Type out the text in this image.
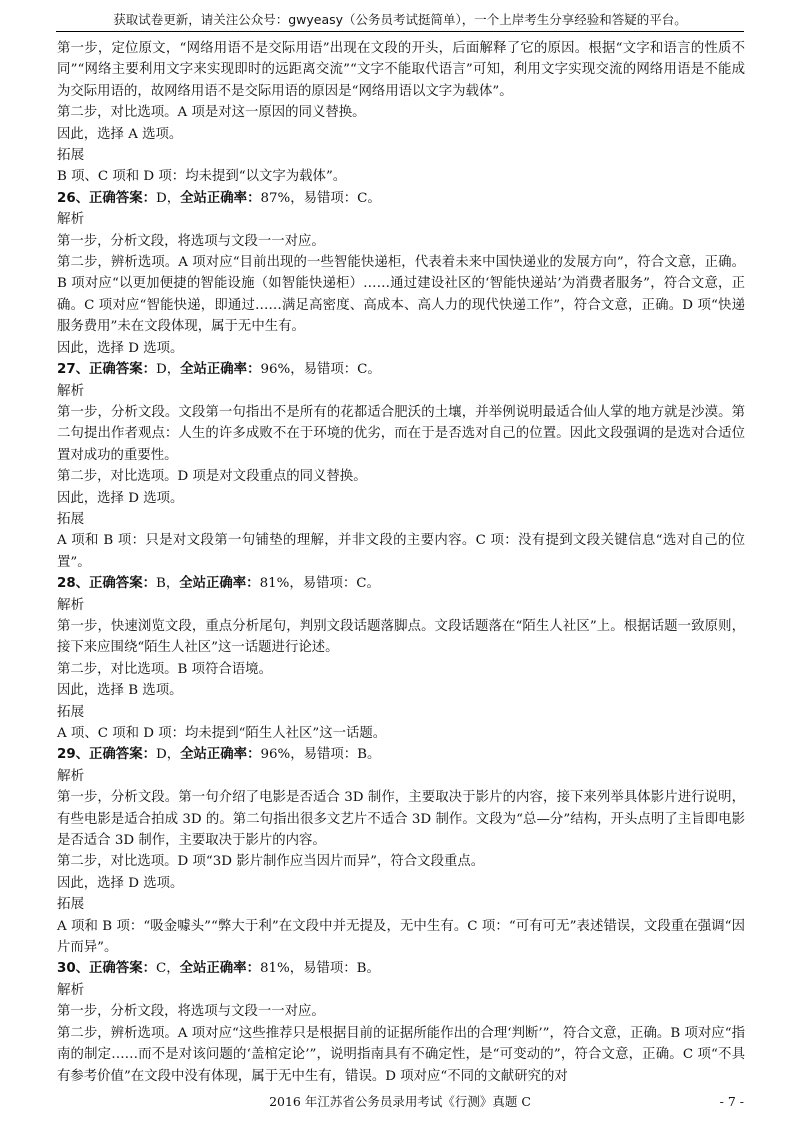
获取试卷更新，请关注公众号：gwyeasy（公务员考试挺简单），一个上岸考生分享经验和答疑的平台。

第一步，定位原文，“网络用语不是交际用语”出现在文段的开头，后面解释了它的原因。根据“文字和语言的性质不同”“网络主要利用文字来实现即时的远距离交流”“文字不能取代语言”可知，利用文字实现交流的网络用语是不能成为交际用语的，故网络用语不是交际用语的原因是“网络用语以文字为载体”。

第二步，对比选项。A 项是对这一原因的同义替换。

因此，选择 A 选项。

拓展

B 项、C 项和 D 项：均未提到“以文字为载体”。

26、正确答案：D，全站正确率：87%，易错项：C。

解析

第一步，分析文段，将选项与文段一一对应。

第二步，辨析选项。A 项对应“目前出现的一些智能快递柜，代表着未来中国快递业的发展方向”，符合文意，正确。B 项对应“以更加便捷的智能设施（如智能快递柜）……通过建设社区的‘智能快递站’为消费者服务”，符合文意，正确。C 项对应“智能快递，即通过……满足高密度、高成本、高人力的现代快递工作”，符合文意，正确。D 项“快递服务费用”未在文段体现，属于无中生有。

因此，选择 D 选项。

27、正确答案：D，全站正确率：96%，易错项：C。

解析

第一步，分析文段。文段第一句指出不是所有的花都适合肥沃的土壤，并举例说明最适合仙人掌的地方就是沙漠。第二句提出作者观点：人生的许多成败不在于环境的优劣，而在于是否选对自己的位置。因此文段强调的是选对合适位置对成功的重要性。

第二步，对比选项。D 项是对文段重点的同义替换。

因此，选择 D 选项。

拓展

A 项和 B 项：只是对文段第一句铺垫的理解，并非文段的主要内容。C 项：没有提到文段关键信息“选对自己的位置”。

28、正确答案：B，全站正确率：81%，易错项：C。

解析

第一步，快速浏览文段，重点分析尾句，判别文段话题落脚点。文段话题落在“陌生人社区”上。根据话题一致原则，接下来应围绕“陌生人社区”这一话题进行论述。

第二步，对比选项。B 项符合语境。

因此，选择 B 选项。

拓展

A 项、C 项和 D 项：均未提到“陌生人社区”这一话题。

29、正确答案：D，全站正确率：96%，易错项：B。

解析

第一步，分析文段。第一句介绍了电影是否适合 3D 制作，主要取决于影片的内容，接下来列举具体影片进行说明，有些电影是适合拍成 3D 的。第二句指出很多文艺片不适合 3D 制作。文段为“总—分”结构，开头点明了主旨即电影是否适合 3D 制作，主要取决于影片的内容。

第二步，对比选项。D 项“3D 影片制作应当因片而异”，符合文段重点。

因此，选择 D 选项。

拓展

A 项和 B 项：“吸金噱头”“弊大于利”在文段中并无提及，无中生有。C 项：“可有可无”表述错误，文段重在强调“因片而异”。

30、正确答案：C，全站正确率：81%，易错项：B。

解析

第一步，分析文段，将选项与文段一一对应。

第二步，辨析选项。A 项对应“这些推荐只是根据目前的证据所能作出的合理‘判断’”，符合文意，正确。B 项对应“指南的制定……而不是对该问题的‘盖棺定论’”，说明指南具有不确定性，是“可变动的”，符合文意，正确。C 项“不具有参考价值”在文段中没有体现，属于无中生有，错误。D 项对应“不同的文献研究的对

2016 年江苏省公务员录用考试《行测》真题 C	- 7 -
